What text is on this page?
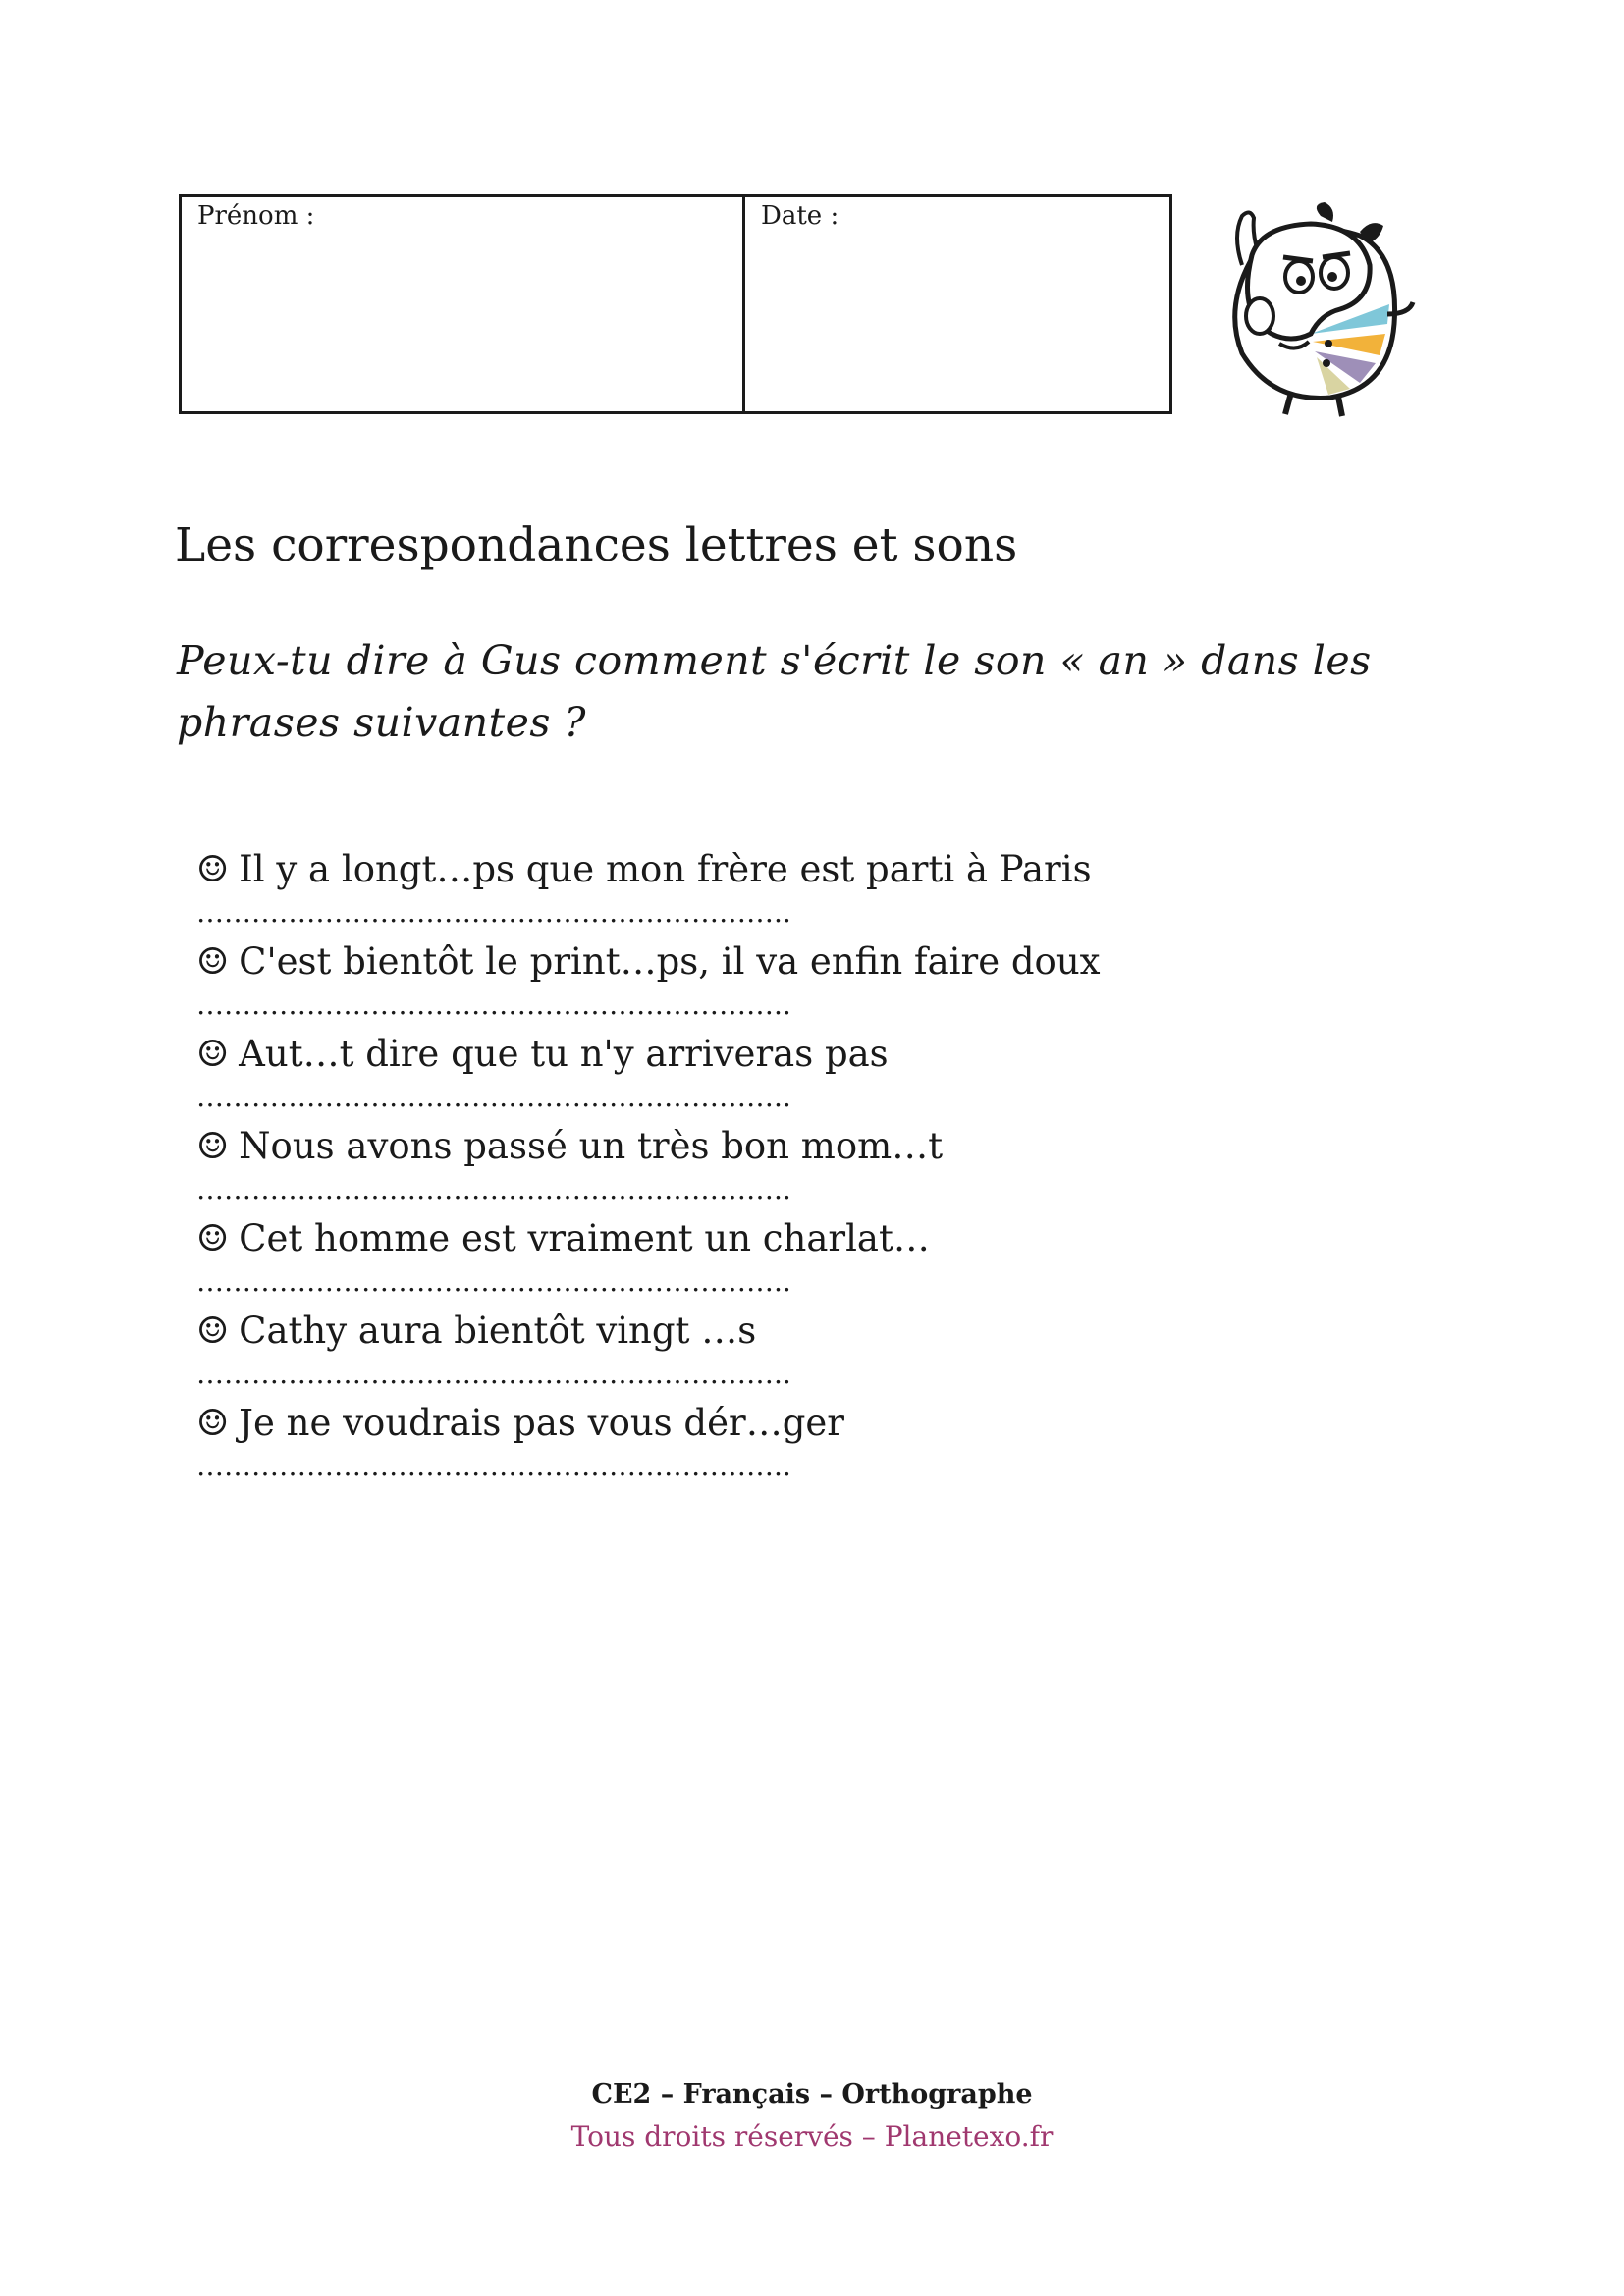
Prénom :	Date :
Les correspondances lettres et sons
Peux-tu dire à Gus comment s'écrit le son « an » dans les phrases suivantes ?
☺ Il y a longt…ps que mon frère est parti à Paris
………………………………………………………..
☺ C'est bientôt le print…ps, il va enfin faire doux
………………………………………………………..
☺ Aut…t dire que tu n'y arriveras pas
………………………………………………………..
☺ Nous avons passé un très bon mom…t
………………………………………………………..
☺ Cet homme est vraiment un charlat…
………………………………………………………..
☺ Cathy aura bientôt vingt …s
………………………………………………………..
☺ Je ne voudrais pas vous dér…ger
………………………………………………………..
CE2 – Français – Orthographe
Tous droits réservés – Planetexo.fr
